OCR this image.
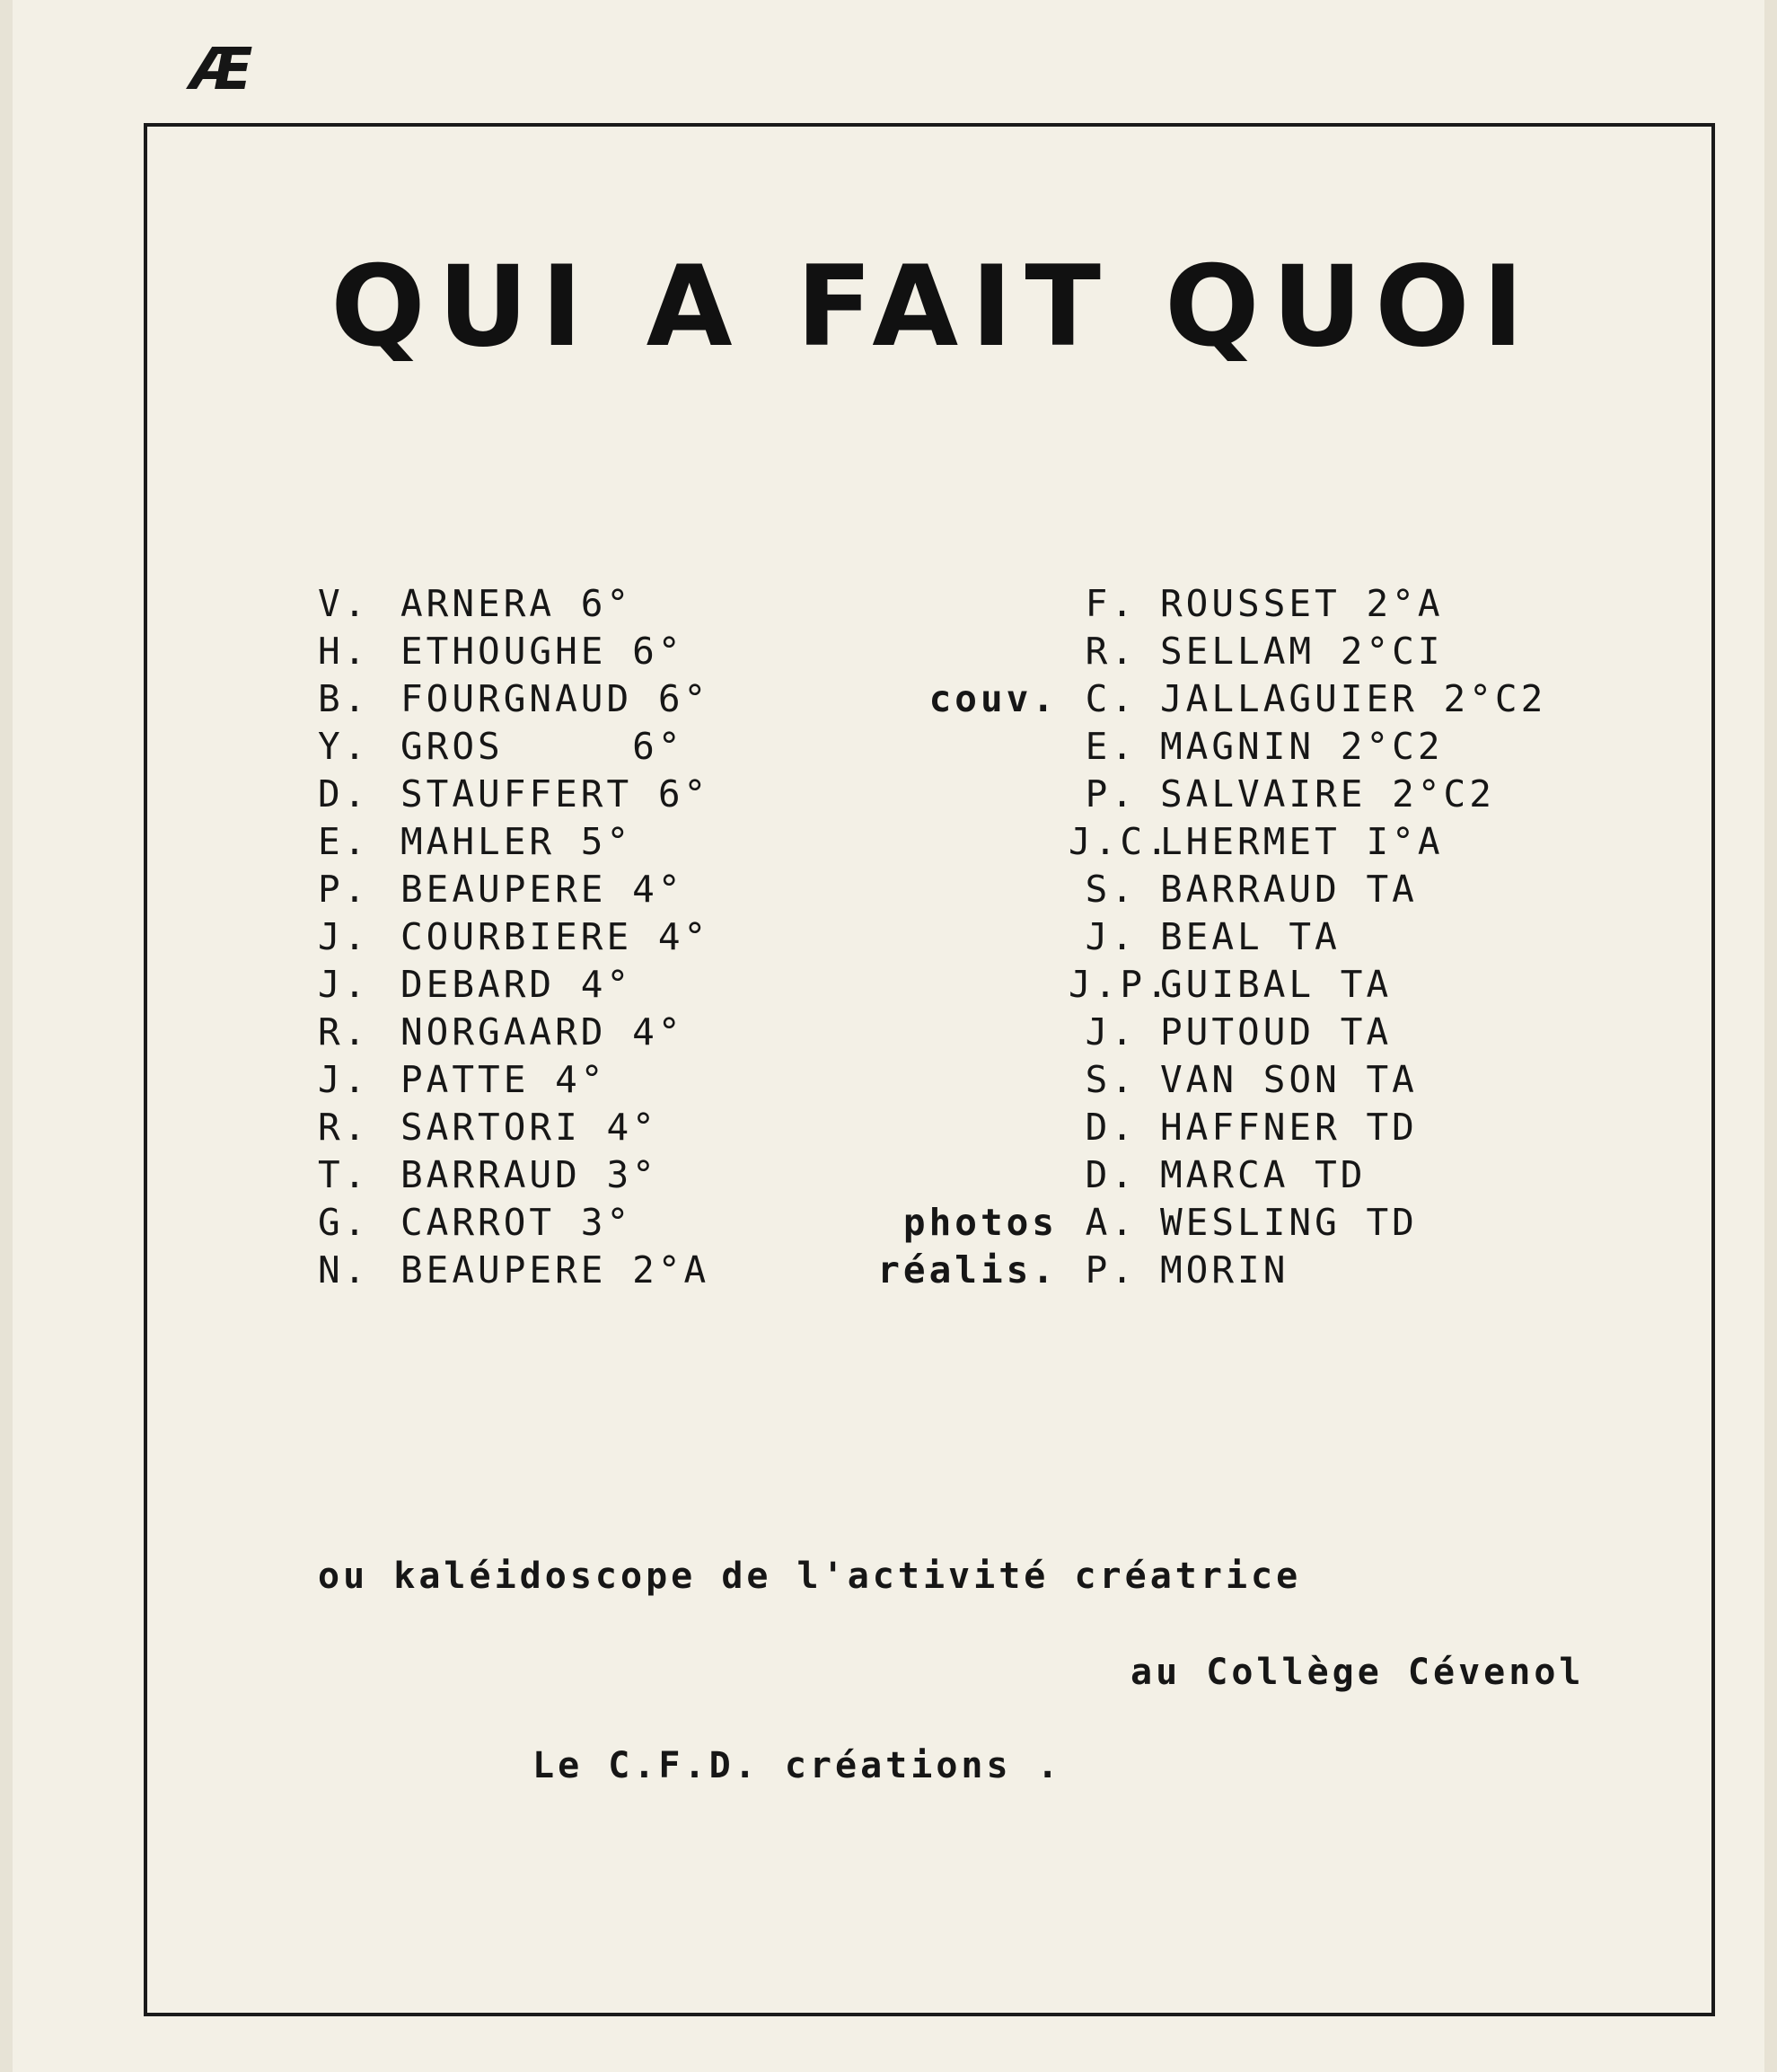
Æ
QUI A FAIT QUOI
V. ARNERA 6°
H. ETHOUGHE 6°
B. FOURGNAUD 6°
Y. GROS     6°
D. STAUFFERT 6°
E. MAHLER 5°
P. BEAUPERE 4°
J. COURBIERE 4°
J. DEBARD 4°
R. NORGAARD 4°
J. PATTE 4°
R. SARTORI 4°
T. BARRAUD 3°
G. CARROT 3°
N. BEAUPERE 2°A
F. ROUSSET 2°A
R. SELLAM 2°CI
couv. C. JALLAGUIER 2°C2
E. MAGNIN 2°C2
P. SALVAIRE 2°C2
J.C.
LHERMET I°A
S. BARRAUD TA
J. BEAL TA
J.P.
GUIBAL TA
J. PUTOUD TA
S. VAN SON TA
D. HAFFNER TD
D. MARCA TD
photos A. WESLING TD
réalis. P. MORIN
ou kaléidoscope de l'activité créatrice
au Collège Cévenol
Le C.F.D. créations .
